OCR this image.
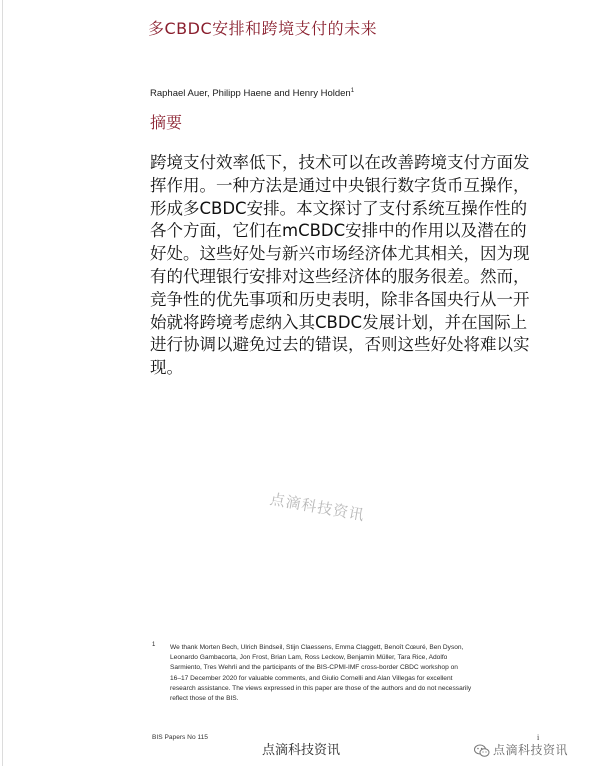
多CBDC安排和跨境支付的未来
Raphael Auer, Philipp Haene and Henry Holden$^1$
摘要
跨境支付效率低下，技术可以在改善跨境支付方面发
挥作用。一种方法是通过中央银行数字货币互操作，
形成多CBDC安排。本文探讨了支付系统互操作性的
各个方面，它们在mCBDC安排中的作用以及潜在的
好处。这些好处与新兴市场经济体尤其相关，因为现
有的代理银行安排对这些经济体的服务很差。然而，
竞争性的优先事项和历史表明，除非各国央行从一开
始就将跨境考虑纳入其CBDC发展计划，并在国际上
进行协调以避免过去的错误，否则这些好处将难以实
现。
点滴科技资讯
1 We thank Morten Bech, Ulrich Bindseil, Stijn Claessens, Emma Claggett, Benoît Cœuré, Ben Dyson,
Leonardo Gambacorta, Jon Frost, Brian Lam, Ross Leckow, Benjamin Müller, Tara Rice, Adolfo
Sarmiento, Tres Wehrli and the participants of the BIS-CPMI-IMF cross-border CBDC workshop on
16–17 December 2020 for valuable comments, and Giulio Cornelli and Alan Villegas for excellent
research assistance. The views expressed in this paper are those of the authors and do not necessarily
reflect those of the BIS.
BIS Papers No 115	i
点滴科技资讯	点滴科技资讯
